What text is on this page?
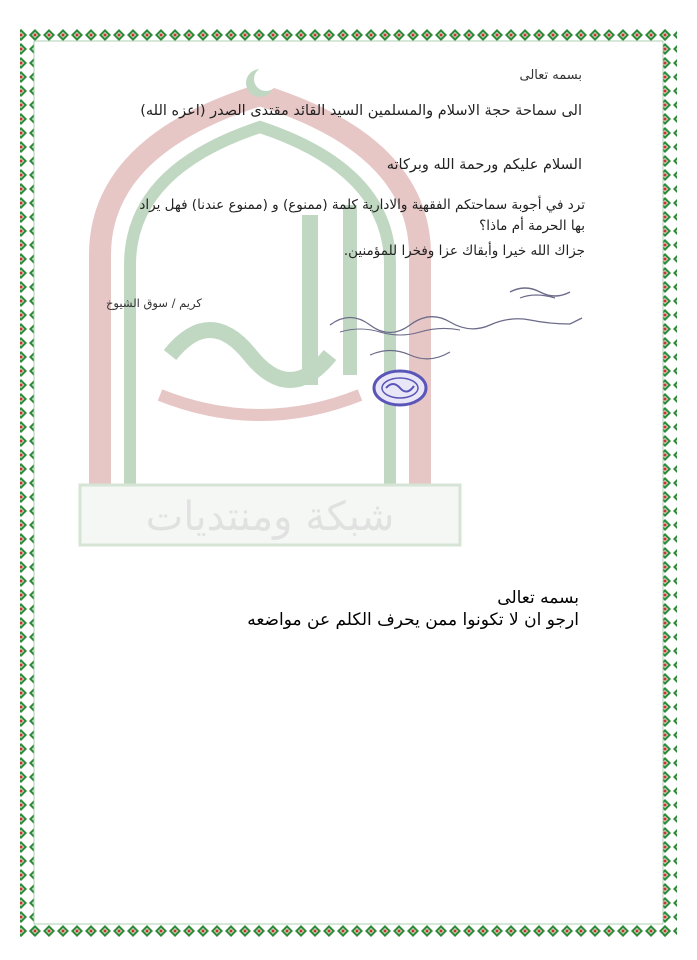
شبكة ومنتديات
بسمه تعالى
الى سماحة حجة الاسلام والمسلمين السيد القائد مقتدى الصدر (اعزه الله)
السلام عليكم ورحمة الله وبركاته
ترد في أجوبة سماحتكم الفقهية والادارية كلمة (ممنوع) و (ممنوع عندنا) فهل يراد
بها الحرمة أم ماذا؟
جزاك الله خيرا وأبقاك عزا وفخرا للمؤمنين.
كريم / سوق الشيوخ
بسمه تعالى
ارجو ان لا تكونوا ممن يحرف الكلم عن مواضعه
